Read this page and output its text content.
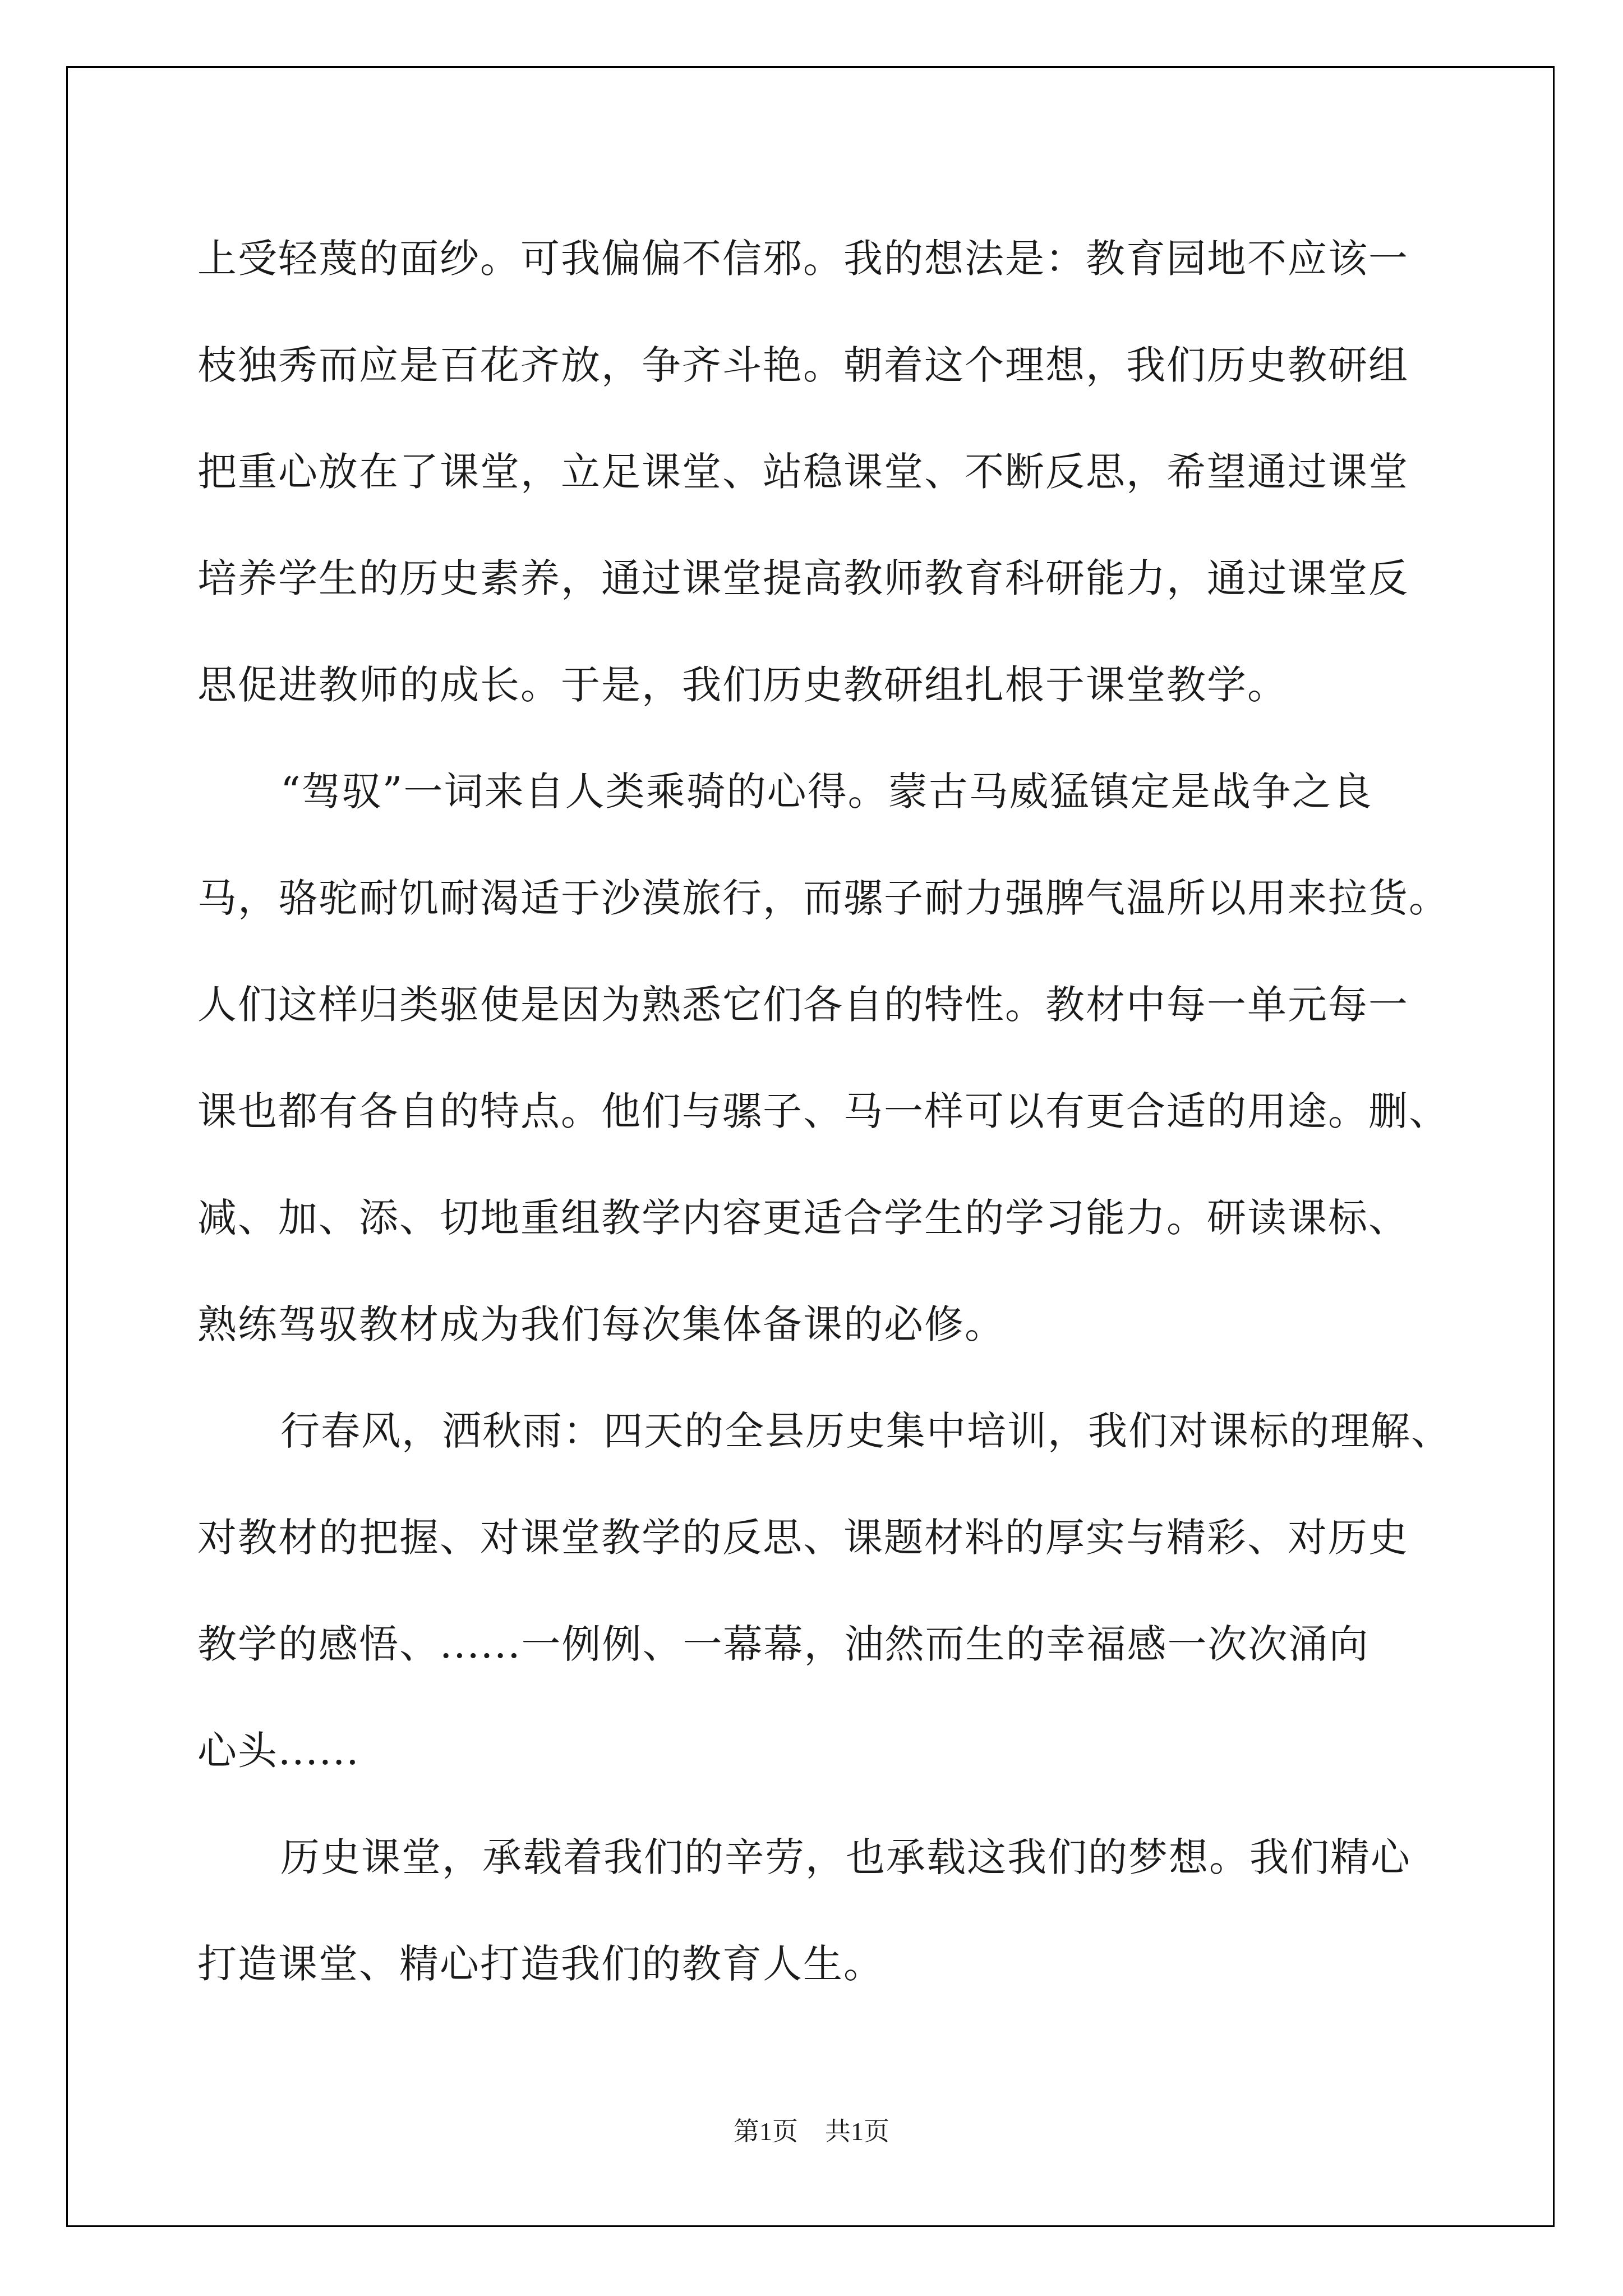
上受轻蔑的面纱。可我偏偏不信邪。我的想法是：教育园地不应该一
枝独秀而应是百花齐放，争齐斗艳。朝着这个理想，我们历史教研组
把重心放在了课堂，立足课堂、站稳课堂、不断反思，希望通过课堂
培养学生的历史素养，通过课堂提高教师教育科研能力，通过课堂反
思促进教师的成长。于是，我们历史教研组扎根于课堂教学。
“驾驭”一词来自人类乘骑的心得。蒙古马威猛镇定是战争之良
马，骆驼耐饥耐渴适于沙漠旅行，而骡子耐力强脾气温所以用来拉货。
人们这样归类驱使是因为熟悉它们各自的特性。教材中每一单元每一
课也都有各自的特点。他们与骡子、马一样可以有更合适的用途。删、
减、加、添、切地重组教学内容更适合学生的学习能力。研读课标、
熟练驾驭教材成为我们每次集体备课的必修。
行春风，洒秋雨：四天的全县历史集中培训，我们对课标的理解、
对教材的把握、对课堂教学的反思、课题材料的厚实与精彩、对历史
教学的感悟、......一例例、一幕幕，油然而生的幸福感一次次涌向
心头......
历史课堂，承载着我们的辛劳，也承载这我们的梦想。我们精心
打造课堂、精心打造我们的教育人生。
第1页 共1页
